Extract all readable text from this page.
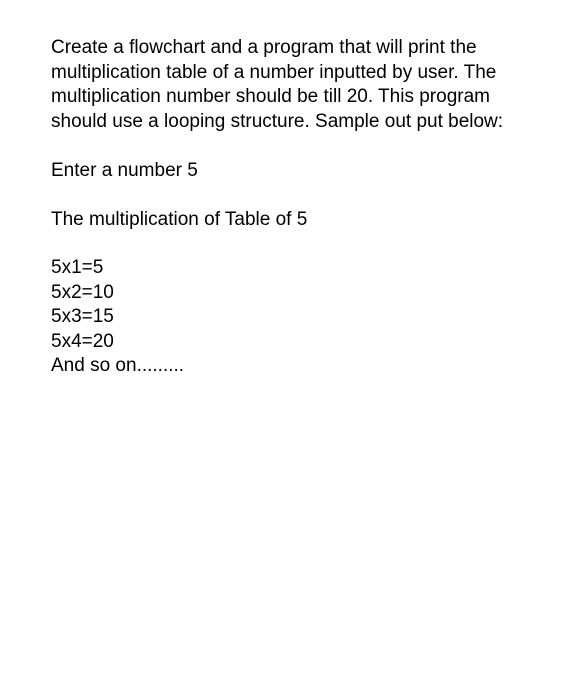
Create a flowchart and a program that will print the
multiplication table of a number inputted by user. The
multiplication number should be till 20. This program
should use a looping structure. Sample out put below:

Enter a number 5

The multiplication of Table of 5

5x1=5
5x2=10
5x3=15
5x4=20
And so on.........
